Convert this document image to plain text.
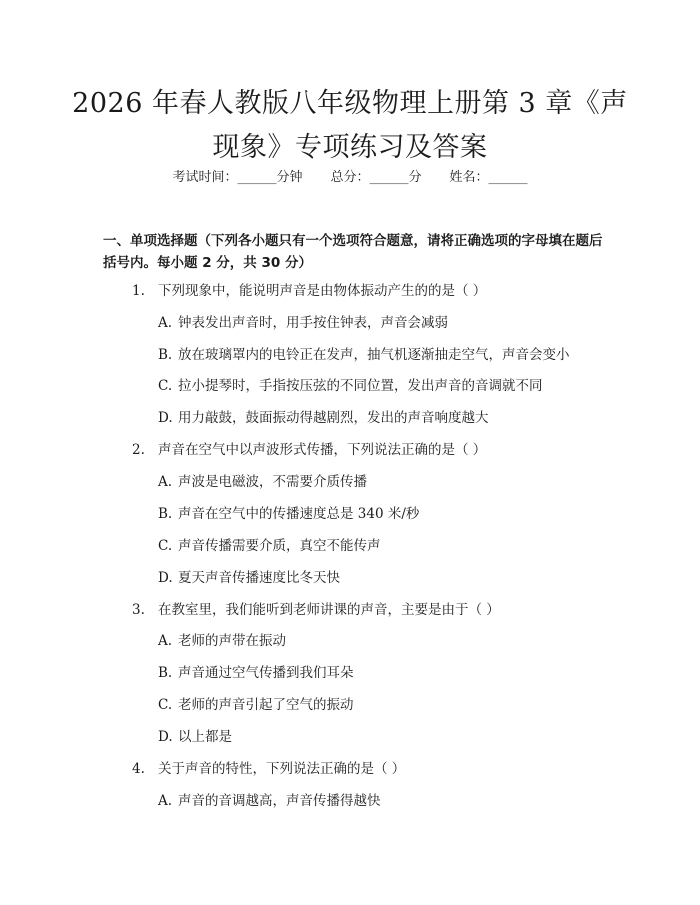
2026 年春人教版八年级物理上册第 3 章《声现象》专项练习及答案
考试时间：______分钟 总分：______分 姓名：______
一、单项选择题（下列各小题只有一个选项符合题意，请将正确选项的字母填在题后括号内。每小题 2 分，共 30 分）
1. 下列现象中，能说明声音是由物体振动产生的的是（ ）
A. 钟表发出声音时，用手按住钟表，声音会减弱
B. 放在玻璃罩内的电铃正在发声，抽气机逐渐抽走空气，声音会变小
C. 拉小提琴时，手指按压弦的不同位置，发出声音的音调就不同
D. 用力敲鼓，鼓面振动得越剧烈，发出的声音响度越大
2. 声音在空气中以声波形式传播，下列说法正确的是（ ）
A. 声波是电磁波，不需要介质传播
B. 声音在空气中的传播速度总是 340 米/秒
C. 声音传播需要介质，真空不能传声
D. 夏天声音传播速度比冬天快
3. 在教室里，我们能听到老师讲课的声音，主要是由于（ ）
A. 老师的声带在振动
B. 声音通过空气传播到我们耳朵
C. 老师的声音引起了空气的振动
D. 以上都是
4. 关于声音的特性，下列说法正确的是（ ）
A. 声音的音调越高，声音传播得越快
